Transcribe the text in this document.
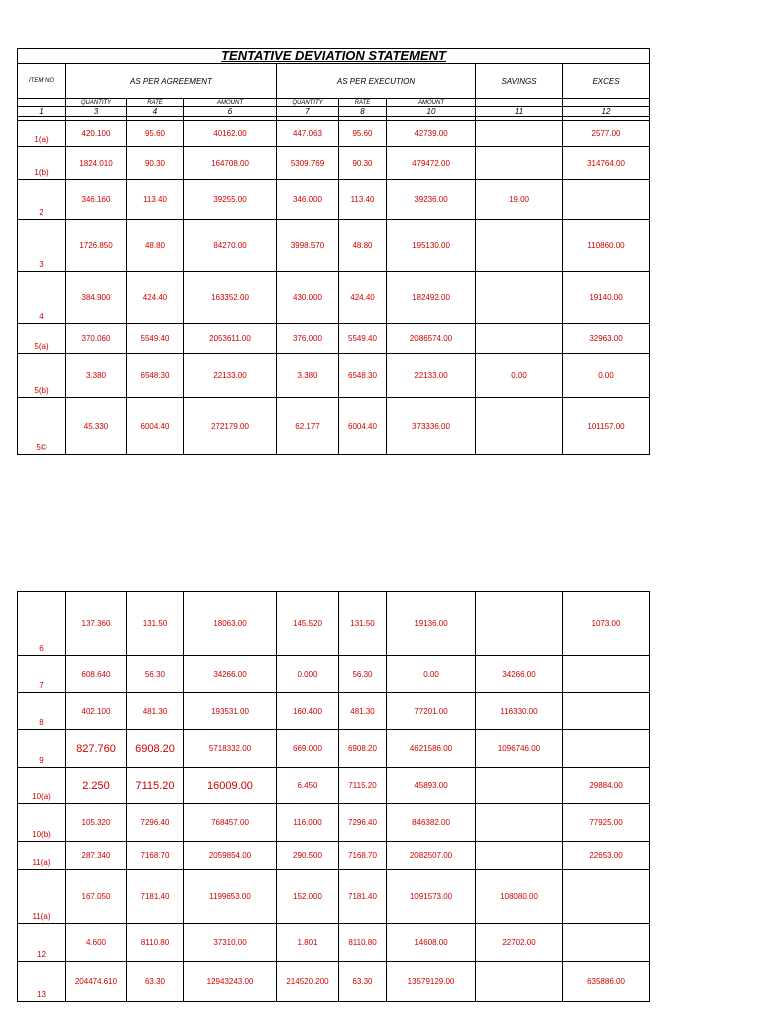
TENTATIVE DEVIATION STATEMENT								
ITEM NO	AS PER AGREEMENT			AS PER EXECUTION			SAVINGS	EXCES
	QUANTITY	RATE	AMOUNT	QUANTITY	RATE	AMOUNT		
1	3	4	6	7	8	10	11	12

1(a)	420.100	95.60	40162.00	447.063	95.60	42739.00		2577.00
1(b)	1824.010	90.30	164708.00	5309.769	90.30	479472.00		314764.00
2	346.160	113.40	39255.00	346.000	113.40	39236.00	19.00	
3	1726.850	48.80	84270.00	3998.570	48.80	195130.00		110860.00
4	384.900	424.40	163352.00	430.000	424.40	182492.00		19140.00
5(a)	370.060	5549.40	2053611.00	376.000	5549.40	2086574.00		32963.00
5(b)	3.380	6548.30	22133.00	3.380	6548.30	22133.00	0.00	0.00
5©	45.330	6004.40	272179.00	62.177	6004.40	373336.00		101157.00
6	137.360	131.50	18063.00	145.520	131.50	19136.00		1073.00
7	608.640	56.30	34266.00	0.000	56.30	0.00	34266.00	
8	402.100	481.30	193531.00	160.400	481.30	77201.00	116330.00	
9	827.760	6908.20	5718332.00	669.000	6908.20	4621586.00	1096746.00	
10(a)	2.250	7115.20	16009.00	6.450	7115.20	45893.00		29884.00
10(b)	105.320	7296.40	768457.00	116.000	7296.40	846382.00		77925.00
11(a)	287.340	7168.70	2059854.00	290.500	7168.70	2082507.00		22653.00
11(a)	167.050	7181.40	1199653.00	152.000	7181.40	1091573.00	108080.00	
12	4.600	8110.80	37310.00	1.801	8110.80	14608.00	22702.00	
13	204474.610	63.30	12943243.00	214520.200	63.30	13579129.00		635886.00
